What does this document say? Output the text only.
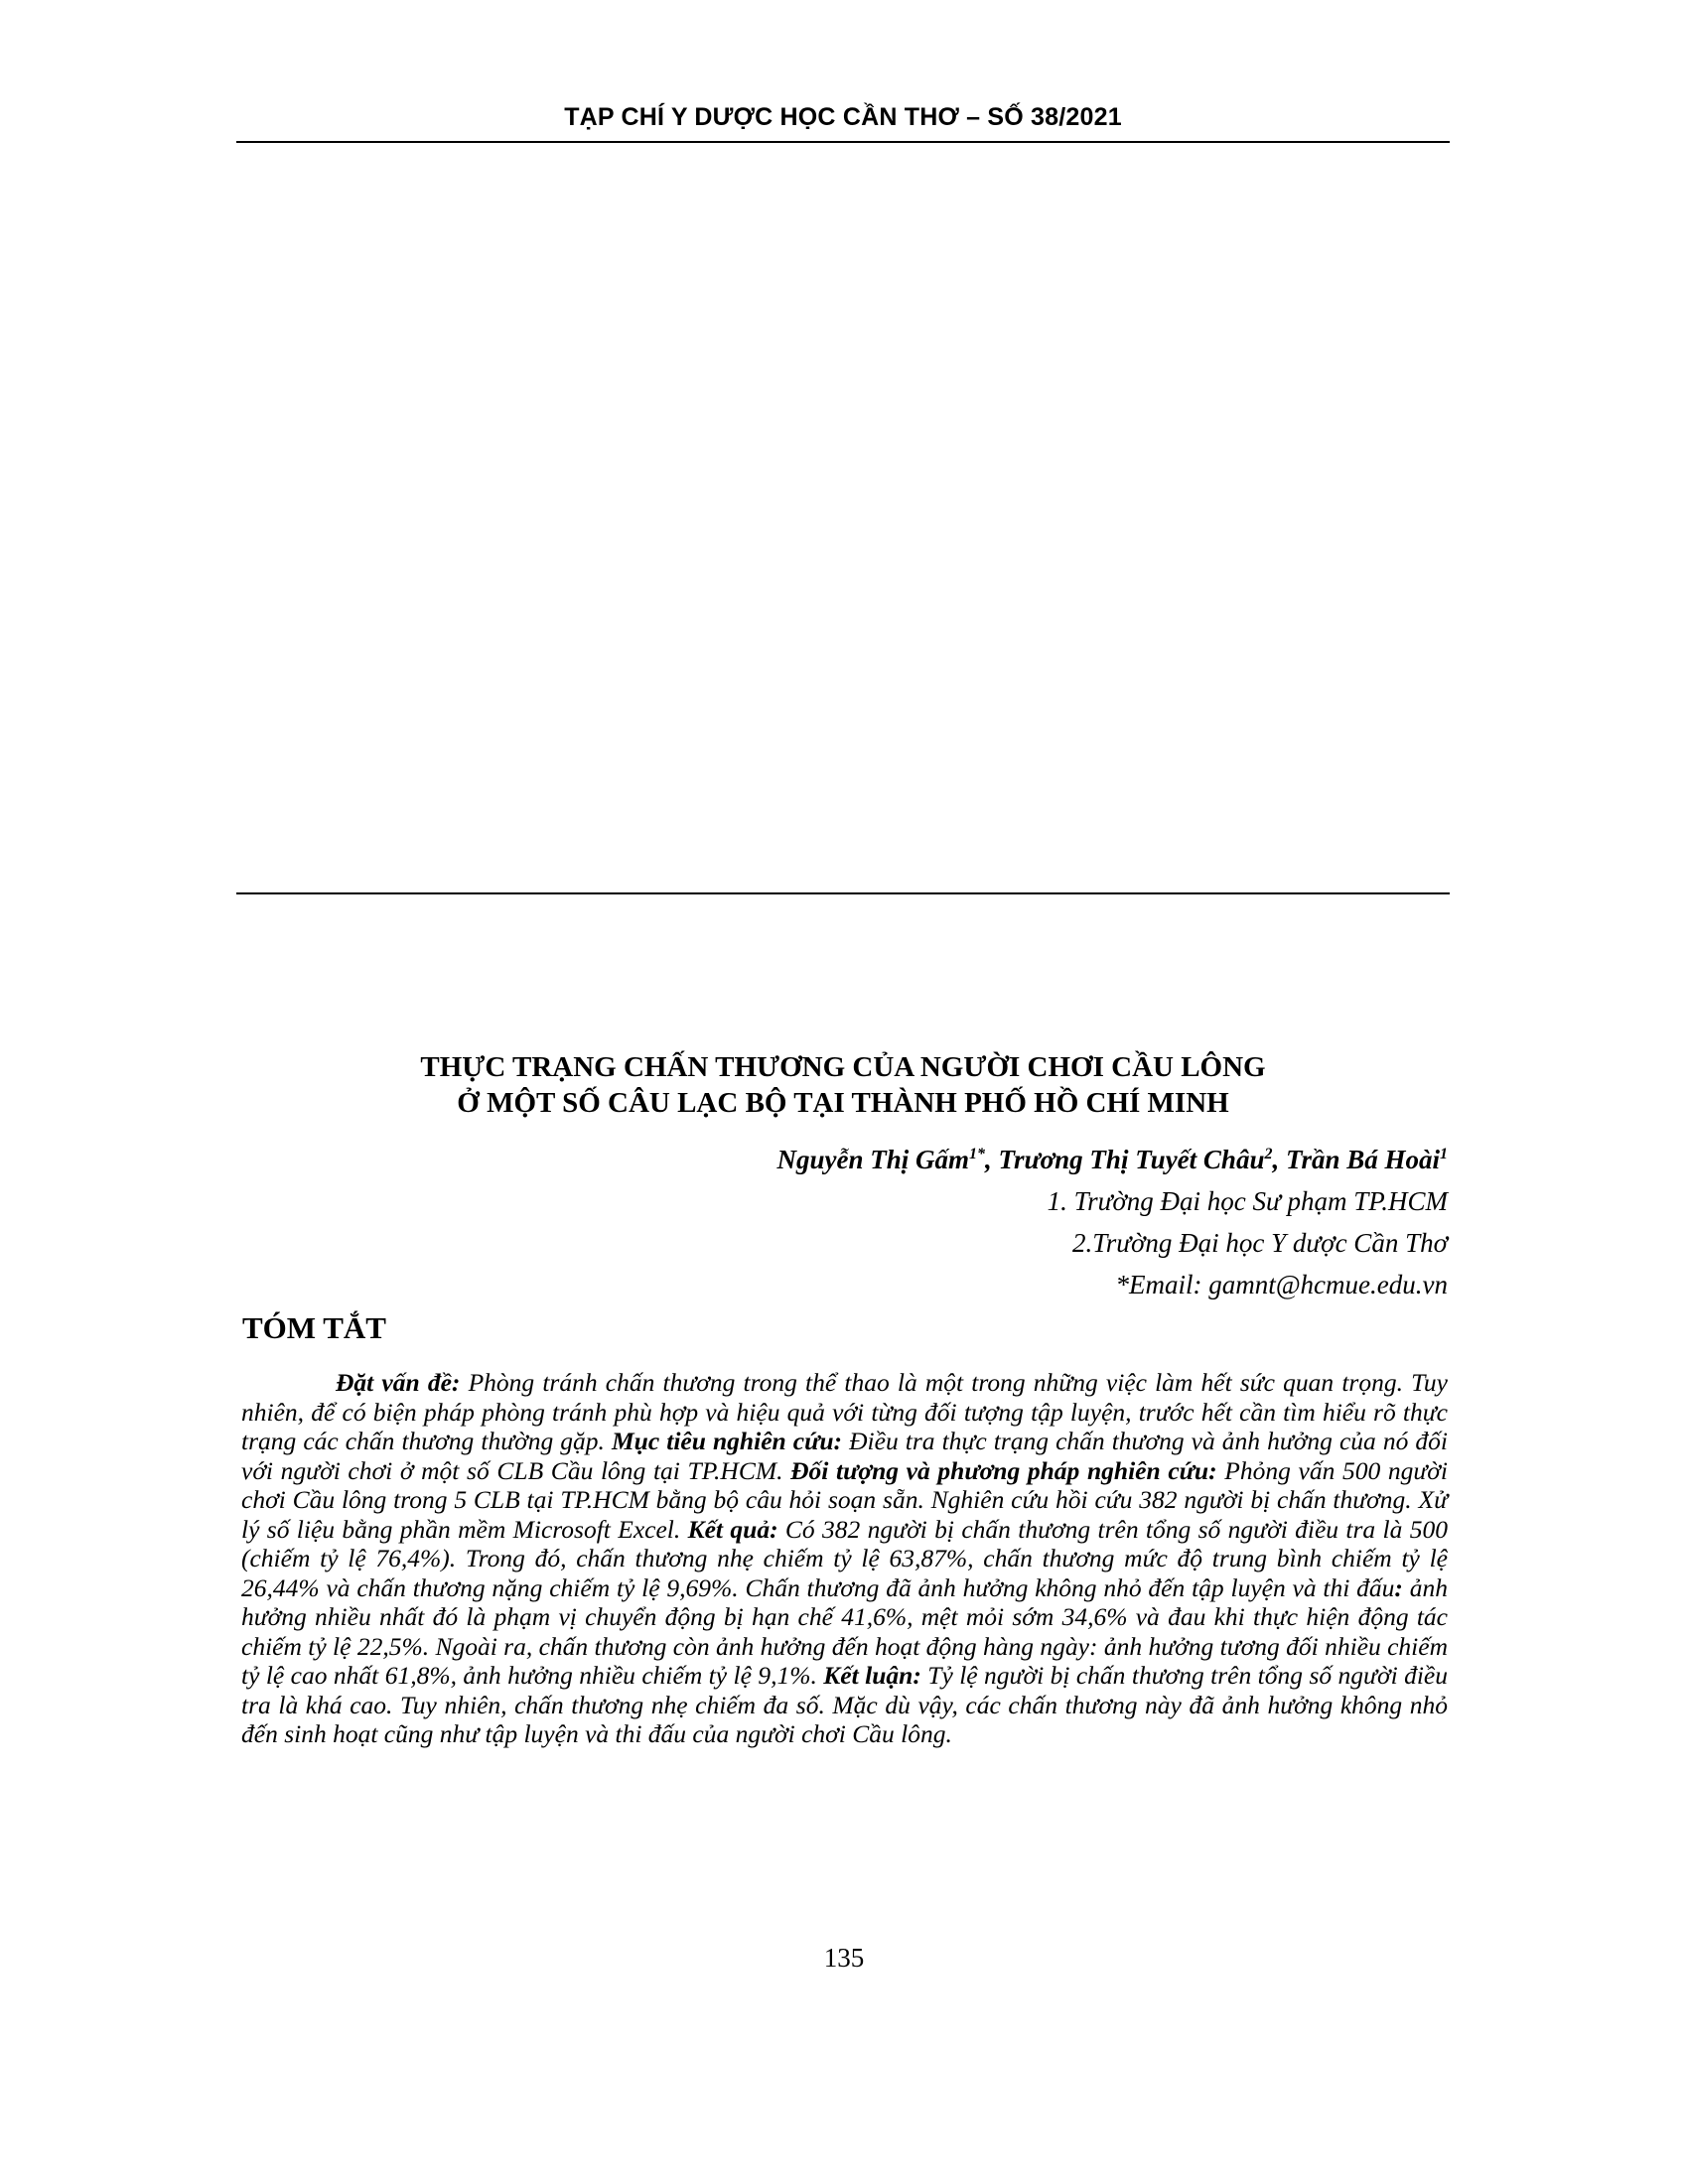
TẠP CHÍ Y DƯỢC HỌC CẦN THƠ – SỐ 38/2021
THỰC TRẠNG CHẤN THƯƠNG CỦA NGƯỜI CHƠI CẦU LÔNG
Ở MỘT SỐ CÂU LẠC BỘ TẠI THÀNH PHỐ HỒ CHÍ MINH
Nguyễn Thị Gấm$^{1*}$, Trương Thị Tuyết Châu$^2$, Trần Bá Hoài$^1$
1. Trường Đại học Sư phạm TP.HCM
2.Trường Đại học Y dược Cần Thơ
*Email: gamnt@hcmue.edu.vn
TÓM TẮT
Đặt vấn đề: Phòng tránh chấn thương trong thể thao là một trong những việc làm hết sức quan trọng. Tuy nhiên, để có biện pháp phòng tránh phù hợp và hiệu quả với từng đối tượng tập luyện, trước hết cần tìm hiểu rõ thực trạng các chấn thương thường gặp. Mục tiêu nghiên cứu: Điều tra thực trạng chấn thương và ảnh hưởng của nó đối với người chơi ở một số CLB Cầu lông tại TP.HCM. Đối tượng và phương pháp nghiên cứu: Phỏng vấn 500 người chơi Cầu lông trong 5 CLB tại TP.HCM bằng bộ câu hỏi soạn sẵn. Nghiên cứu hồi cứu 382 người bị chấn thương. Xử lý số liệu bằng phần mềm Microsoft Excel. Kết quả: Có 382 người bị chấn thương trên tổng số người điều tra là 500 (chiếm tỷ lệ 76,4%). Trong đó, chấn thương nhẹ chiếm tỷ lệ 63,87%, chấn thương mức độ trung bình chiếm tỷ lệ 26,44% và chấn thương nặng chiếm tỷ lệ 9,69%. Chấn thương đã ảnh hưởng không nhỏ đến tập luyện và thi đấu: ảnh hưởng nhiều nhất đó là phạm vị chuyển động bị hạn chế 41,6%, mệt mỏi sớm 34,6% và đau khi thực hiện động tác chiếm tỷ lệ 22,5%. Ngoài ra, chấn thương còn ảnh hưởng đến hoạt động hàng ngày: ảnh hưởng tương đối nhiều chiếm tỷ lệ cao nhất 61,8%, ảnh hưởng nhiều chiếm tỷ lệ 9,1%. Kết luận: Tỷ lệ người bị chấn thương trên tổng số người điều tra là khá cao. Tuy nhiên, chấn thương nhẹ chiếm đa số. Mặc dù vậy, các chấn thương này đã ảnh hưởng không nhỏ đến sinh hoạt cũng như tập luyện và thi đấu của người chơi Cầu lông.
135
